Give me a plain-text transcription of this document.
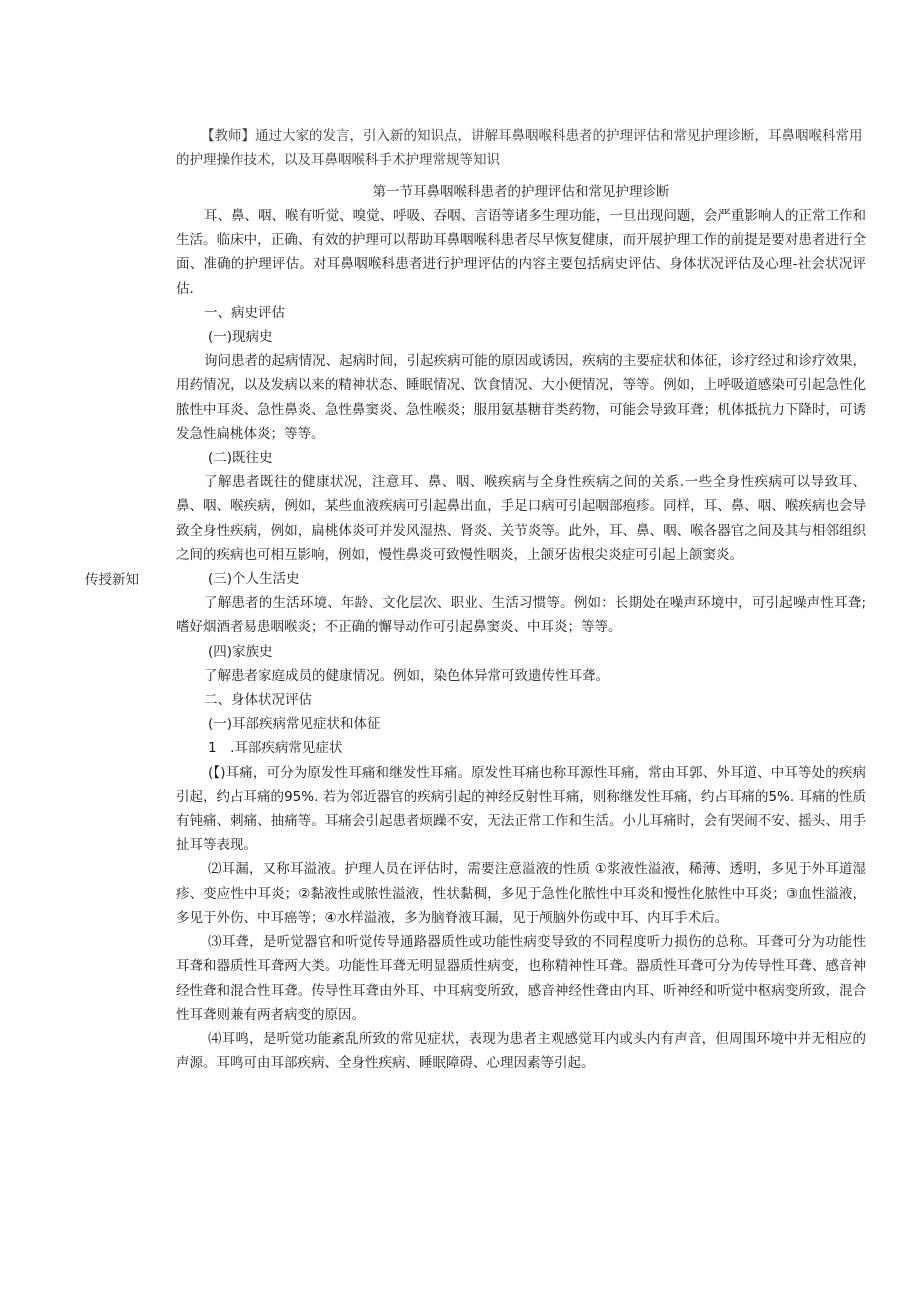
【教师】通过大家的发言，引入新的知识点，讲解耳鼻咽喉科患者的护理评估和常见护理诊断，耳鼻咽喉科常用的护理操作技术，以及耳鼻咽喉科手术护理常规等知识
第一节耳鼻咽喉科患者的护理评估和常见护理诊断
传授新知

耳、鼻、咽、喉有听觉、嗅觉、呼吸、吞咽、言语等诸多生理功能，一旦出现问题，会严重影响人的正常工作和生活。临床中，正确、有效的护理可以帮助耳鼻咽喉科患者尽早恢复健康，而开展护理工作的前提是要对患者进行全面、准确的护理评估。对耳鼻咽喉科患者进行护理评估的内容主要包括病史评估、身体状况评估及心理-社会状况评估.

一、病史评估

(一)现病史

询问患者的起病情况、起病时间，引起疾病可能的原因或诱因，疾病的主要症状和体征，诊疗经过和诊疗效果，用药情况，以及发病以来的精神状态、睡眠情况、饮食情况、大小便情况，等等。例如，上呼吸道感染可引起急性化脓性中耳炎、急性鼻炎、急性鼻窦炎、急性喉炎；服用氨基糖苷类药物，可能会导致耳聋；机体抵抗力下降时，可诱发急性扁桃体炎；等等。

(二)既往史

了解患者既往的健康状况，注意耳、鼻、咽、喉疾病与全身性疾病之间的关系.一些全身性疾病可以导致耳、鼻、咽、喉疾病，例如，某些血液疾病可引起鼻出血，手足口病可引起咽部疱疹。同样，耳、鼻、咽、喉疾病也会导致全身性疾病，例如，扁桃体炎可并发风湿热、肾炎、关节炎等。此外，耳、鼻、咽、喉各器官之间及其与相邻组织之间的疾病也可相互影响，例如，慢性鼻炎可致慢性咽炎，上颌牙齿根尖炎症可引起上颌窦炎。

(三)个人生活史

了解患者的生活环境、年龄、文化层次、职业、生活习惯等。例如：长期处在噪声环境中，可引起噪声性耳聋;嗜好烟酒者易患咽喉炎；不正确的懈导动作可引起鼻窦炎、中耳炎；等等。

(四)家族史

了解患者家庭成员的健康情况。例如，染色体异常可致遗传性耳聋。

二、身体状况评估

(一)耳部疾病常见症状和体征

1　.耳部疾病常见症状

(【)耳痛，可分为原发性耳痛和继发性耳痛。原发性耳痛也称耳源性耳痛，常由耳郭、外耳道、中耳等处的疾病引起，约占耳痛的95%. 若为邻近器官的疾病引起的神经反射性耳痛，则称继发性耳痛，约占耳痛的5%. 耳痛的性质有钝痛、刺痛、抽痛等。耳痛会引起患者烦躁不安，无法正常工作和生活。小儿耳痛时，会有哭闹不安、摇头、用手扯耳等表现。

⑵耳漏，又称耳溢液。护理人员在评估时，需要注意溢液的性质 ①浆液性溢液，稀薄、透明，多见于外耳道湿疹、变应性中耳炎；②黏液性或脓性溢液，性状黏稠，多见于急性化脓性中耳炎和慢性化脓性中耳炎；③血性溢液，多见于外伤、中耳癌等；④水样溢液，多为脑脊液耳漏，见于颅脑外伤或中耳、内耳手术后。

⑶耳聋，是听觉器官和听觉传导通路器质性或功能性病变导致的不同程度听力损伤的总称。耳聋可分为功能性耳聋和器质性耳聋两大类。功能性耳聋无明显器质性病变，也称精神性耳聋。器质性耳聋可分为传导性耳聋、感音神经性聋和混合性耳聋。传导性耳聋由外耳、中耳病变所致，感音神经性聋由内耳、听神经和听觉中枢病变所致，混合性耳聋则兼有两者病变的原因。

⑷耳鸣，是听觉功能紊乱所致的常见症状，表现为患者主观感觉耳内或头内有声音，但周围环境中并无相应的声源。耳鸣可由耳部疾病、全身性疾病、睡眠障碍、心理因素等引起。
